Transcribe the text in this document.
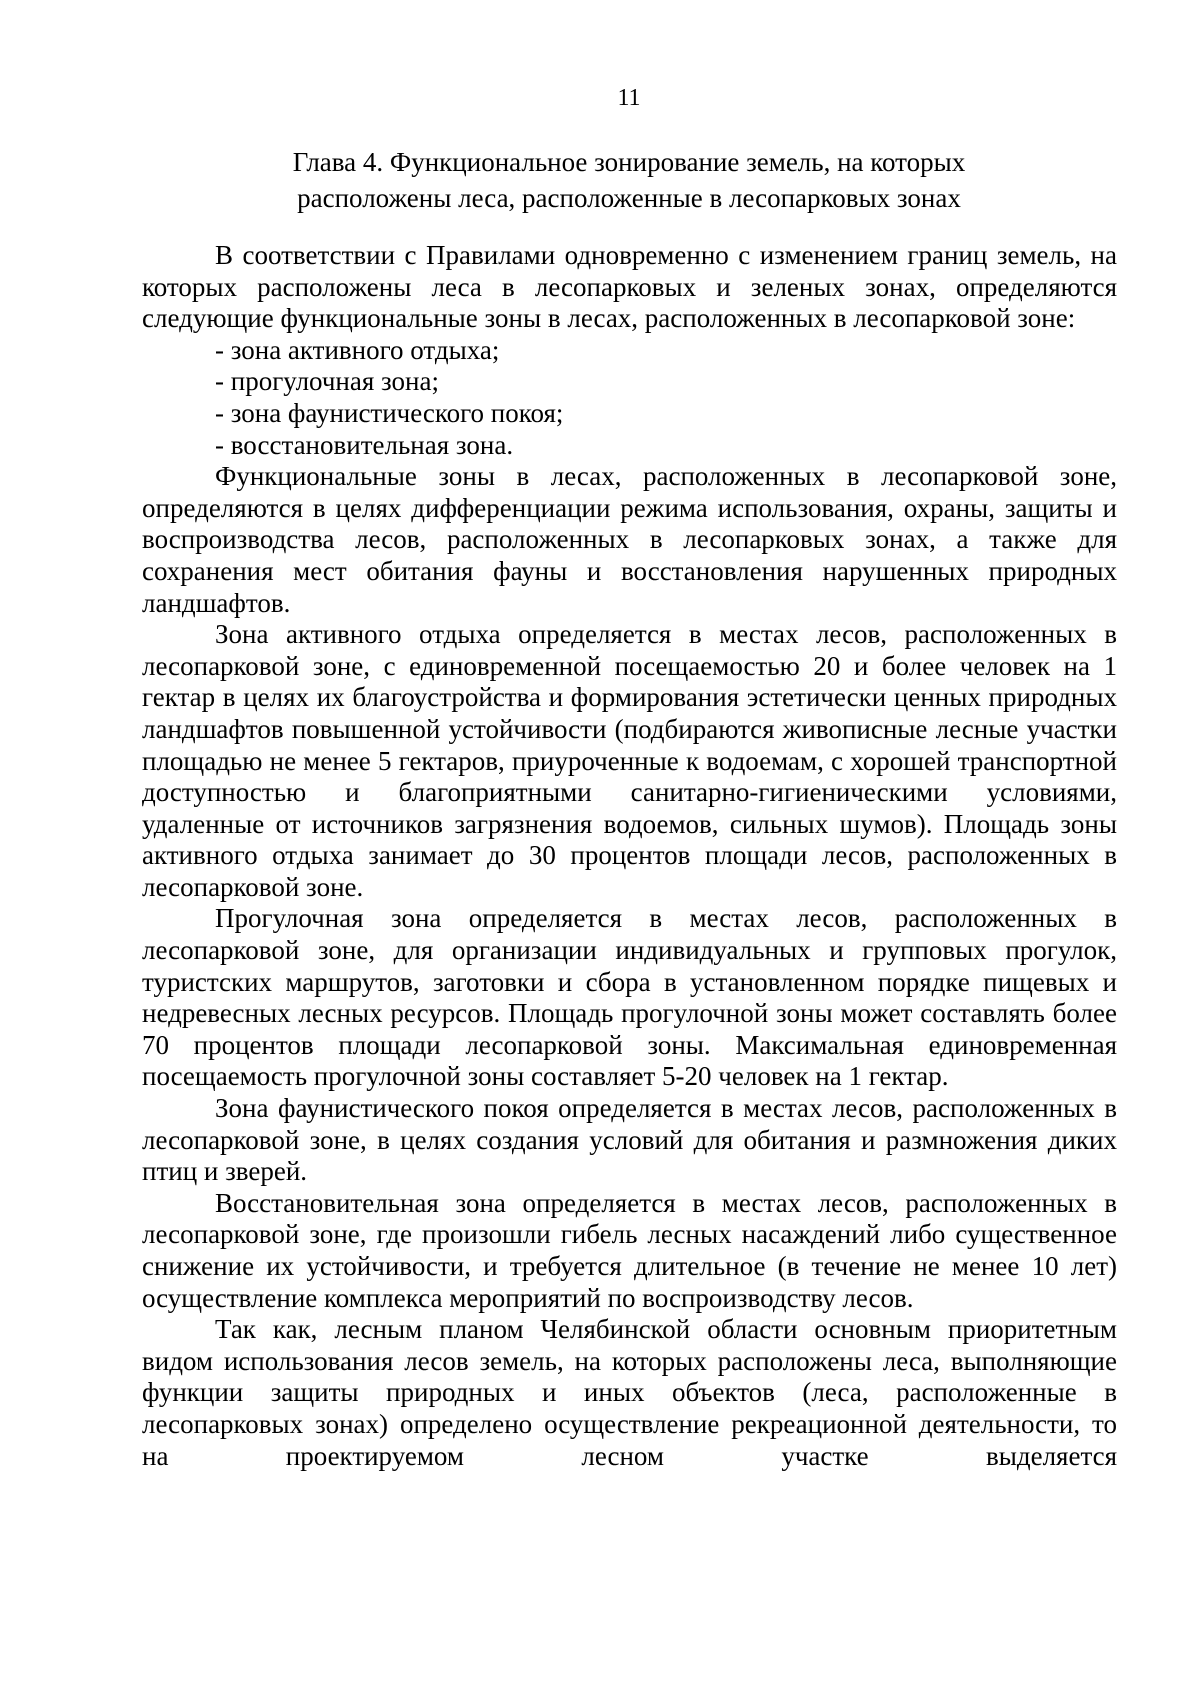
11
Глава 4. Функциональное зонирование земель, на которых
расположены леса, расположенные в лесопарковых зонах

В соответствии с Правилами одновременно с изменением границ земель, на которых расположены леса в лесопарковых и зеленых зонах, определяются следующие функциональные зоны в лесах, расположенных в лесопарковой зоне:

- зона активного отдыха;
- прогулочная зона;
- зона фаунистического покоя;
- восстановительная зона.

Функциональные зоны в лесах, расположенных в лесопарковой зоне, определяются в целях дифференциации режима использования, охраны, защиты и воспроизводства лесов, расположенных в лесопарковых зонах, а также для сохранения мест обитания фауны и восстановления нарушенных природных ландшафтов.

Зона активного отдыха определяется в местах лесов, расположенных в лесопарковой зоне, с единовременной посещаемостью 20 и более человек на 1 гектар в целях их благоустройства и формирования эстетически ценных природных ландшафтов повышенной устойчивости (подбираются живописные лесные участки площадью не менее 5 гектаров, приуроченные к водоемам, с хорошей транспортной доступностью и благоприятными санитарно-гигиеническими условиями, удаленные от источников загрязнения водоемов, сильных шумов). Площадь зоны активного отдыха занимает до 30 процентов площади лесов, расположенных в лесопарковой зоне.

Прогулочная зона определяется в местах лесов, расположенных в лесопарковой зоне, для организации индивидуальных и групповых прогулок, туристских маршрутов, заготовки и сбора в установленном порядке пищевых и недревесных лесных ресурсов. Площадь прогулочной зоны может составлять более 70 процентов площади лесопарковой зоны. Максимальная единовременная посещаемость прогулочной зоны составляет 5-20 человек на 1 гектар.

Зона фаунистического покоя определяется в местах лесов, расположенных в лесопарковой зоне, в целях создания условий для обитания и размножения диких птиц и зверей.

Восстановительная зона определяется в местах лесов, расположенных в лесопарковой зоне, где произошли гибель лесных насаждений либо существенное снижение их устойчивости, и требуется длительное (в течение не менее 10 лет) осуществление комплекса мероприятий по воспроизводству лесов.

Так как, лесным планом Челябинской области основным приоритетным видом использования лесов земель, на которых расположены леса, выполняющие функции защиты природных и иных объектов (леса, расположенные в лесопарковых зонах) определено осуществление рекреационной деятельности, то на проектируемом лесном участке выделяется
